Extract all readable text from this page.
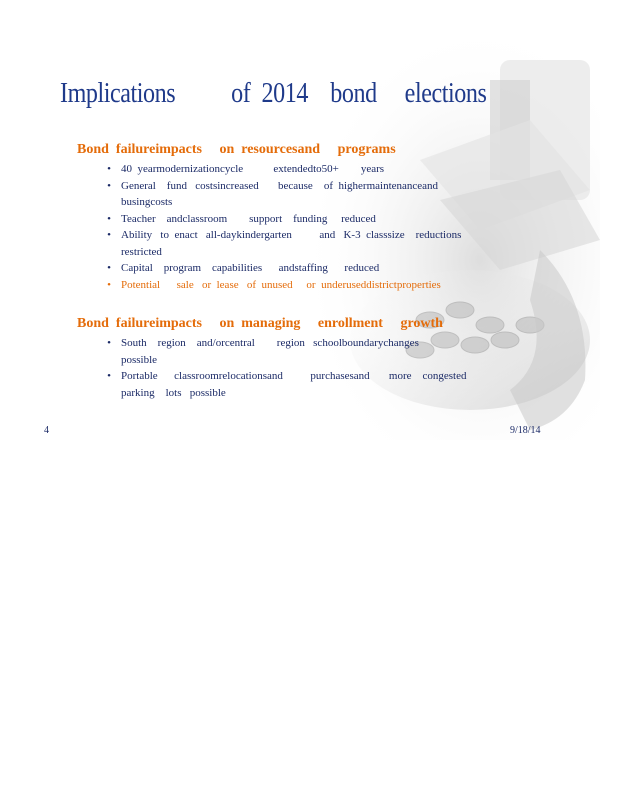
Implications          of  2014    bond     elections
Bond  failureimpacts     on  resourcesand     programs
• 40  yearmodernizationcycle           extendedto50+        years
• General    fund   costsincreased       because    of  highermaintenanceand
busingcosts
• Teacher    andclassroom        support    funding     reduced
• Ability   to  enact   all-daykindergarten          and   K-3  classsize    reductions
restricted
• Capital    program    capabilities      andstaffing      reduced
• Potential      sale   or  lease   of  unused     or  underuseddistrictproperties
Bond  failureimpacts     on  managing     enrollment     growth
• South    region    and/orcentral        region   schoolboundarychanges
possible
• Portable      classroomrelocationsand          purchasesand       more    congested
parking    lots   possible
4	9/18/14
